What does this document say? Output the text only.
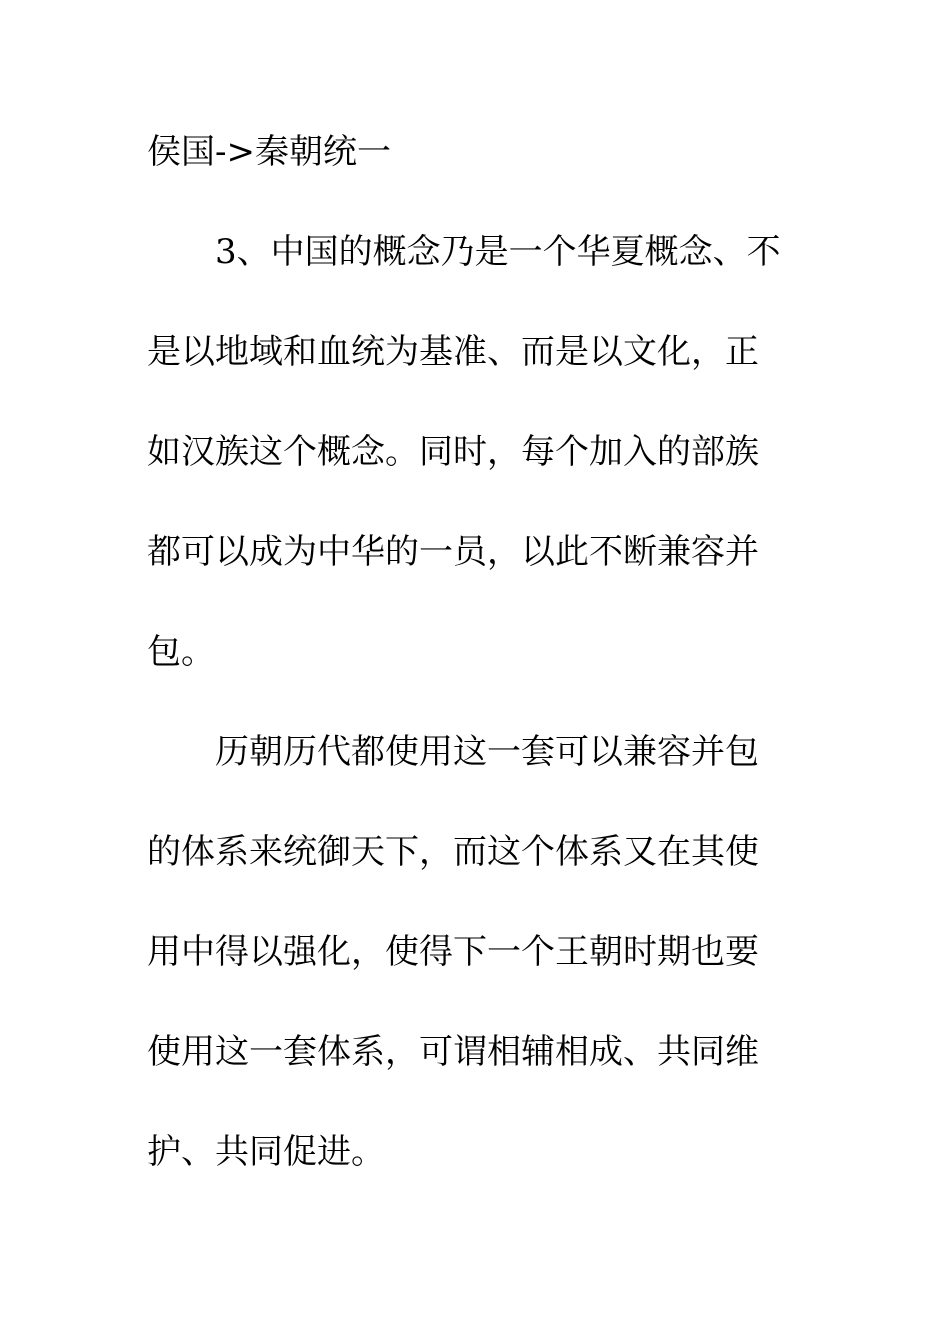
侯国->秦朝统一
3、中国的概念乃是一个华夏概念、不
是以地域和血统为基准、而是以文化，正
如汉族这个概念。同时，每个加入的部族
都可以成为中华的一员，以此不断兼容并
包。
历朝历代都使用这一套可以兼容并包
的体系来统御天下，而这个体系又在其使
用中得以强化，使得下一个王朝时期也要
使用这一套体系，可谓相辅相成、共同维
护、共同促进。
